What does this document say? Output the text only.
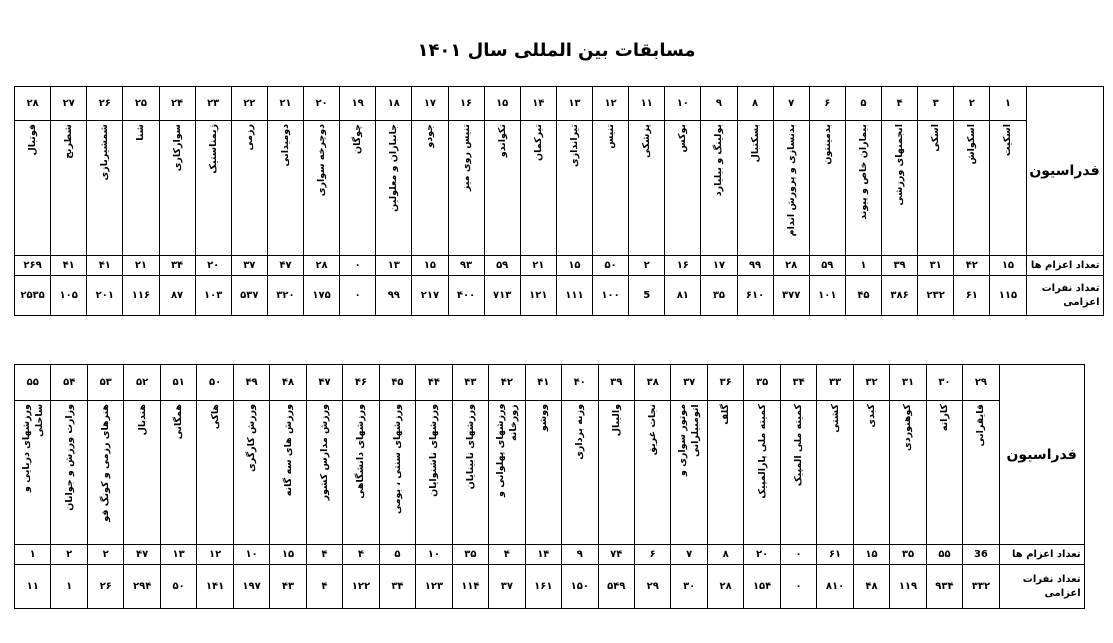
مسابقات بین المللی سال ۱۴۰۱
فدراسیون	۱	۲	۳	۴	۵	۶	۷	۸	۹	۱۰	۱۱	۱۲	۱۳	۱۴	۱۵	۱۶	۱۷	۱۸	۱۹	۲۰	۲۱	۲۲	۲۳	۲۴	۲۵	۲۶	۲۷	۲۸
	اسکیت	اسکواش	اسکی	انجمنهای ورزشی	بیماران خاص و پیوند	بدمینتون	بدنسازی و پرورش اندام	بسکتبال	بولینگ و بیلیارد	بوکس	پزشکی	تنیس	تیراندازی	تیرکمان	تکواندو	تنیس روی میز	جودو	جانبازان و معلولین	چوگان	دوچرخه سواری	دومیدانی	رزمی	ژیمناستیک	سوارکاری	شنا	شمشیربازی	شطرنج	فوتبال
تعداد اعزام ها	۱۵	۴۲	۳۱	۳۹	۱	۵۹	۲۸	۹۹	۱۷	۱۶	۲	۵۰	۱۵	۲۱	۵۹	۹۳	۱۵	۱۳	۰	۲۸	۴۷	۳۷	۲۰	۳۴	۲۱	۴۱	۴۱	۲۶۹
تعداد نفرات اعزامی	۱۱۵	۶۱	۲۳۲	۳۸۶	۴۵	۱۰۱	۳۷۷	۶۱۰	۳۵	۸۱	5	۱۰۰	۱۱۱	۱۲۱	۷۱۳	۴۰۰	۲۱۷	۹۹	۰	۱۷۵	۳۲۰	۵۳۷	۱۰۳	۸۷	۱۱۶	۲۰۱	۱۰۵	۲۵۳۵
فدراسیون	۲۹	۳۰	۳۱	۳۲	۳۳	۳۴	۳۵	۳۶	۳۷	۳۸	۳۹	۴۰	۴۱	۴۲	۴۳	۴۴	۴۵	۴۶	۴۷	۴۸	۴۹	۵۰	۵۱	۵۲	۵۳	۵۴	۵۵
	قایقرانی	کاراته	کوهنوردی	کبدی	کشتی	کمیته ملی المپیک	کمیته ملی پارالمپیک	گلف	موتور سواری و اتومبیلرانی	نجات غریق	والیبال	وزنه برداری	ووشو	ورزشهای پهلوانی و زورخانه	ورزشهای نابینایان	ورزشهای ناشنوایان	ورزشهای سنتی ، بومی	ورزشهای دانشگاهی	ورزش مدارس کشور	ورزش های سه گانه	ورزش کارگری	هاکی	همگانی	هندبال	هنرهای رزمی و کونگ فو	وزارت ورزش و جوانان	ورزشهای دریایی و ساحلی
تعداد اعزام ها	36	۵۵	۳۵	۱۵	۶۱	۰	۲۰	۸	۷	۶	۷۴	۹	۱۴	۴	۳۵	۱۰	۵	۴	۴	۱۵	۱۰	۱۲	۱۳	۴۷	۲	۲	۱
تعداد نفرات اعزامی	۳۳۲	۹۳۴	۱۱۹	۴۸	۸۱۰	۰	۱۵۴	۲۸	۳۰	۲۹	۵۴۹	۱۵۰	۱۶۱	۳۷	۱۱۴	۱۲۳	۳۴	۱۲۲	۴	۴۳	۱۹۷	۱۴۱	۵۰	۲۹۴	۲۶	۱	۱۱
